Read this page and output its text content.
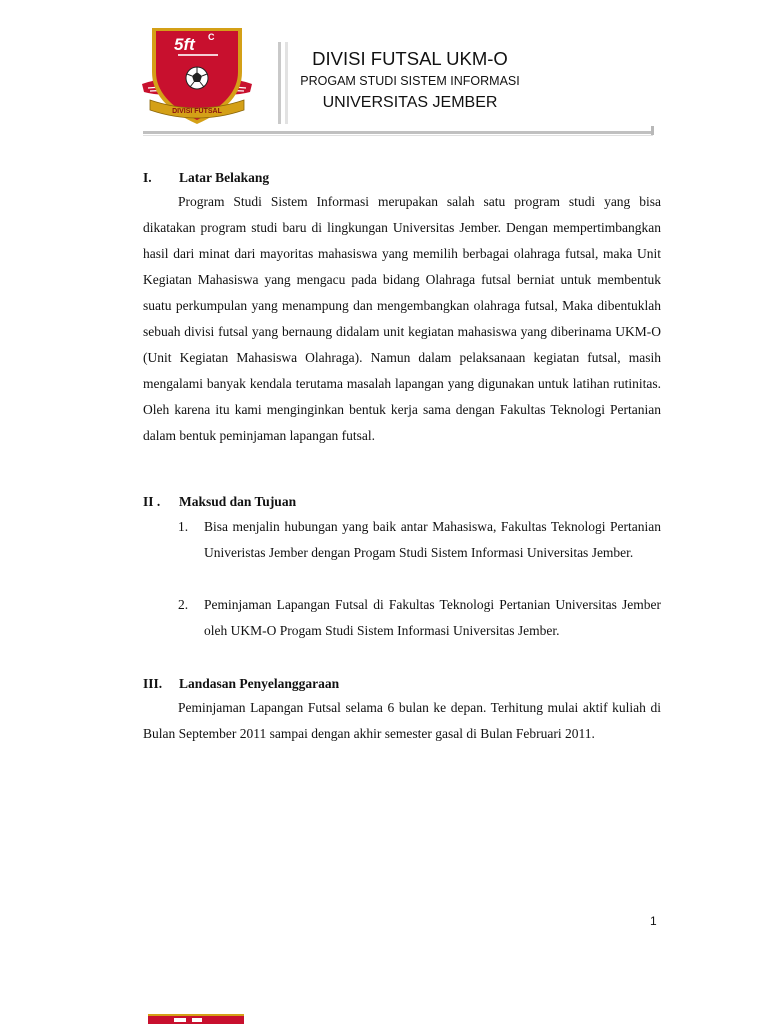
5ft C
DIVISI FUTSAL
DIVISI FUTSAL UKM-O
PROGAM STUDI SISTEM INFORMASI
UNIVERSITAS JEMBER
I. Latar Belakang

Program Studi Sistem Informasi merupakan salah satu program studi yang bisa dikatakan program studi baru di lingkungan Universitas Jember. Dengan mempertimbangkan hasil dari minat dari mayoritas mahasiswa yang memilih berbagai olahraga futsal, maka Unit Kegiatan Mahasiswa yang mengacu pada bidang Olahraga futsal berniat untuk membentuk suatu perkumpulan yang menampung dan mengembangkan olahraga futsal, Maka dibentuklah sebuah divisi futsal yang bernaung didalam unit kegiatan mahasiswa yang diberinama UKM-O (Unit Kegiatan Mahasiswa Olahraga). Namun dalam pelaksanaan kegiatan futsal, masih mengalami banyak kendala terutama masalah lapangan yang digunakan untuk latihan rutinitas. Oleh karena itu kami menginginkan bentuk kerja sama dengan Fakultas Teknologi Pertanian dalam bentuk peminjaman lapangan futsal.

II . Maksud dan Tujuan
1. Bisa menjalin hubungan yang baik antar Mahasiswa, Fakultas Teknologi Pertanian Univeristas Jember dengan Progam Studi Sistem Informasi Universitas Jember.
2. Peminjaman Lapangan Futsal di Fakultas Teknologi Pertanian Universitas Jember oleh UKM-O Progam Studi Sistem Informasi Universitas Jember.
III. Landasan Penyelanggaraan

Peminjaman Lapangan Futsal selama 6 bulan ke depan. Terhitung mulai aktif kuliah di Bulan September 2011 sampai dengan akhir semester gasal di Bulan Februari 2011.

1
